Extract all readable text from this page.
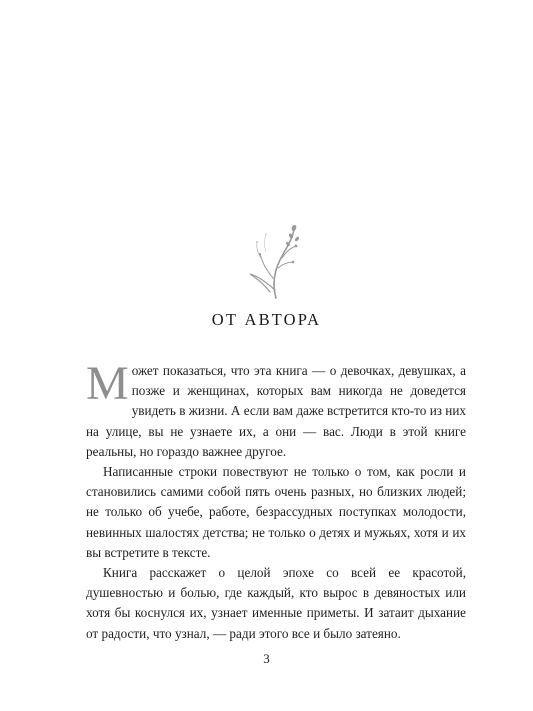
ОТ АВТОРА

Может показаться, что эта книга — о девочках, девушках, а позже и женщинах, которых вам никогда не доведется увидеть в жизни. А если вам даже встретится кто-то из них на улице, вы не узнаете их, а они — вас. Люди в этой книге реальны, но гораздо важнее другое.

Написанные строки повествуют не только о том, как росли и становились самими собой пять очень разных, но близких людей; не только об учебе, работе, безрассудных поступках молодости, невинных шалостях детства; не только о детях и мужьях, хотя и их вы встретите в тексте.

Книга расскажет о целой эпохе со всей ее красотой, душевностью и болью, где каждый, кто вырос в девяностых или хотя бы коснулся их, узнает именные приметы. И затаит дыхание от радости, что узнал, — ради этого все и было затеяно.

3
